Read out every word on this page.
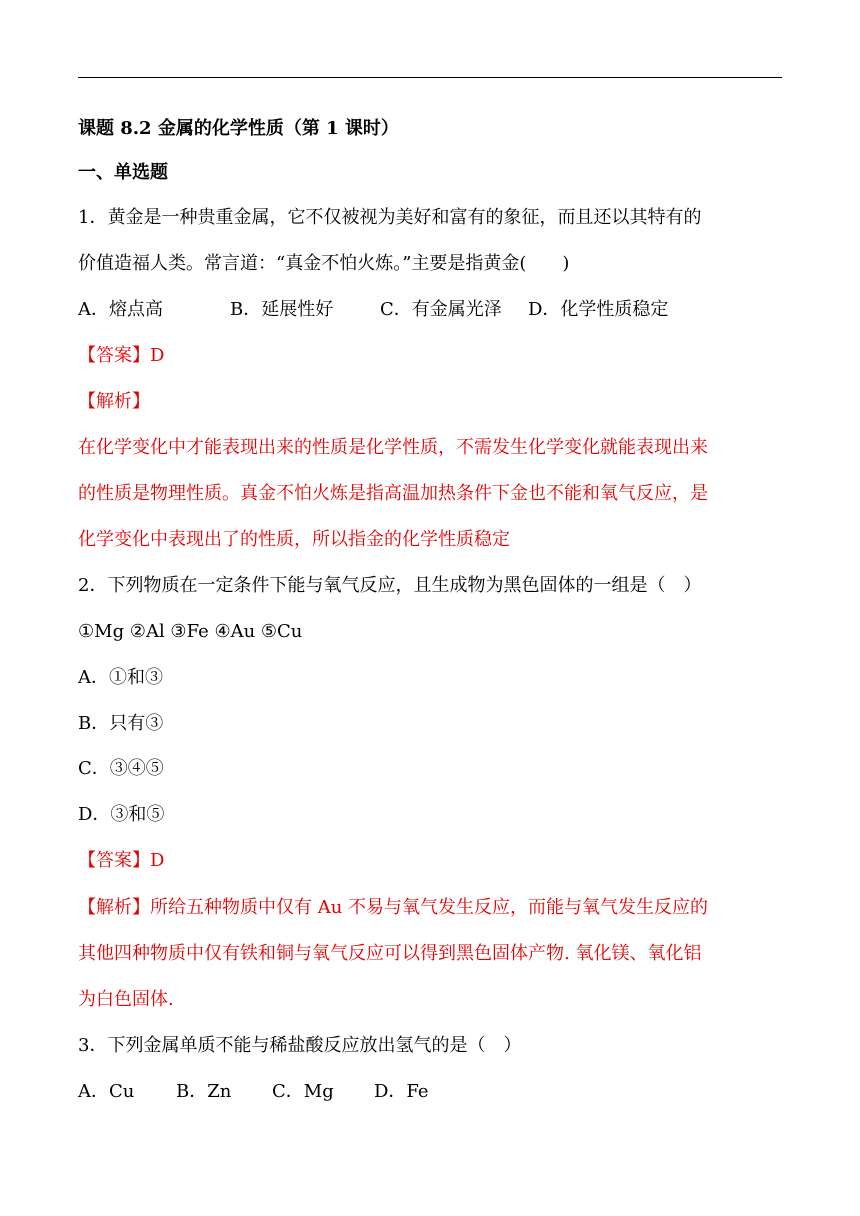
课题 8.2 金属的化学性质（第 1 课时）
一、单选题
1．黄金是一种贵重金属，它不仅被视为美好和富有的象征，而且还以其特有的
价值造福人类。常言道：“真金不怕火炼。”主要是指黄金(　　)
A．熔点高	B．延展性好	C．有金属光泽 D．化学性质稳定
【答案】D
【解析】
在化学变化中才能表现出来的性质是化学性质，不需发生化学变化就能表现出来
的性质是物理性质。真金不怕火炼是指高温加热条件下金也不能和氧气反应，是
化学变化中表现出了的性质，所以指金的化学性质稳定
2．下列物质在一定条件下能与氧气反应，且生成物为黑色固体的一组是（　）
①Mg ②Al ③Fe ④Au ⑤Cu
A．①和③
B．只有③
C．③④⑤
D．③和⑤
【答案】D
【解析】所给五种物质中仅有 Au 不易与氧气发生反应，而能与氧气发生反应的
其他四种物质中仅有铁和铜与氧气反应可以得到黑色固体产物. 氧化镁、氧化铝
为白色固体.
3．下列金属单质不能与稀盐酸反应放出氢气的是（　）
A．Cu B．Zn C．Mg D．Fe
